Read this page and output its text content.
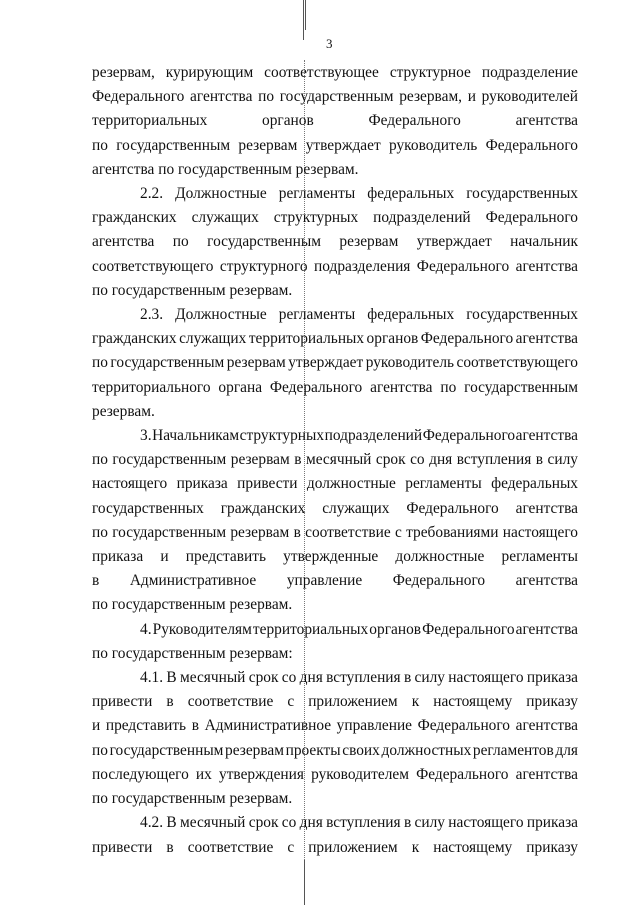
3
резервам, курирующим соответствующее структурное подразделение
Федерального агентства по государственным резервам, и руководителей
территориальных органов Федерального агентства
по государственным резервам утверждает руководитель Федерального
агентства по государственным резервам.
2.2. Должностные регламенты федеральных государственных
гражданских служащих структурных подразделений Федерального
агентства по государственным резервам утверждает начальник
соответствующего структурного подразделения Федерального агентства
по государственным резервам.
2.3. Должностные регламенты федеральных государственных
гражданских служащих территориальных органов Федерального агентства
по государственным резервам утверждает руководитель соответствующего
территориального органа Федерального агентства по государственным
резервам.
3. Начальникам структурных подразделений Федерального агентства
по государственным резервам в месячный срок со дня вступления в силу
настоящего приказа привести должностные регламенты федеральных
государственных гражданских служащих Федерального агентства
по государственным резервам в соответствие с требованиями настоящего
приказа и представить утвержденные должностные регламенты
в Административное управление Федерального агентства
по государственным резервам.
4. Руководителям территориальных органов Федерального агентства
по государственным резервам:
4.1. В месячный срок со дня вступления в силу настоящего приказа
привести в соответствие с приложением к настоящему приказу
и представить в Административное управление Федерального агентства
по государственным резервам проекты своих должностных регламентов для
последующего их утверждения руководителем Федерального агентства
по государственным резервам.
4.2. В месячный срок со дня вступления в силу настоящего приказа
привести в соответствие с приложением к настоящему приказу
